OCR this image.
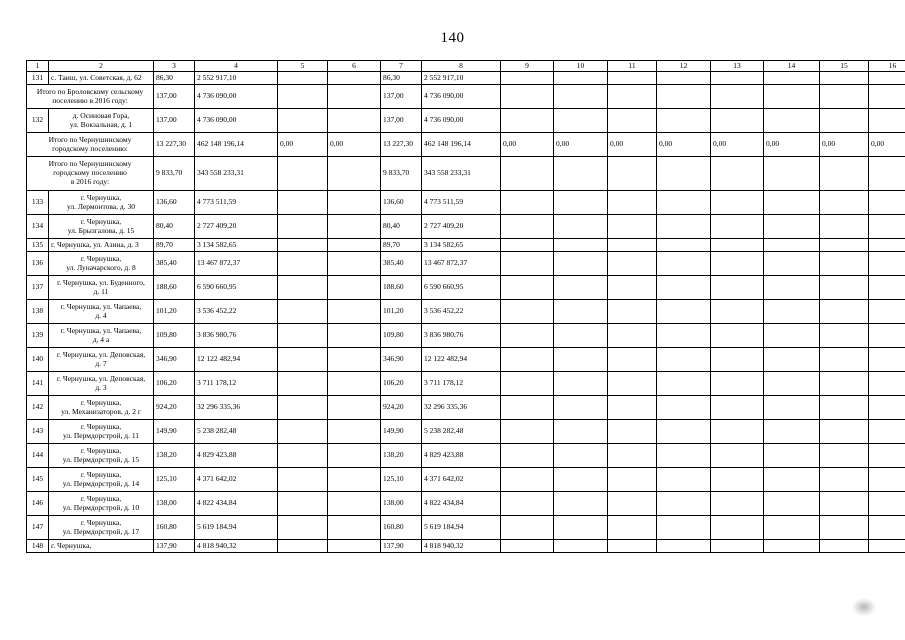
140
1	2	3	4	5	6	7	8	9	10	11	12	13	14	15	16
131	с. Таиш, ул. Советская, д. 62	86,30	2 552 917,10			86,30	2 552 917,10								
Итого по Броловскому сельскому
поселению в 2016 году:		137,00	4 736 090,00			137,00	4 736 090,00								
132	д. Осиновая Гора,
ул. Вокзальная, д. 1	137,00	4 736 090,00			137,00	4 736 090,00								
Итого по Чернушинскому
городскому поселению:		13 227,30	462 148 196,14	0,00	0,00	13 227,30	462 148 196,14	0,00	0,00	0,00	0,00	0,00	0,00	0,00	0,00
Итого по Чернушинскому
городскому поселению
в 2016 году:		9 833,70	343 558 233,31			9 833,70	343 558 233,31								
133	г. Чернушка,
ул. Лермонтова, д. 30	136,60	4 773 511,59			136,60	4 773 511,59								
134	г. Чернушка,
ул. Брызгалова, д. 15	80,40	2 727 409,20			80,40	2 727 409,20								
135	г. Чернушка, ул. Азина, д. 3	89,70	3 134 582,65			89,70	3 134 582,65								
136	г. Чернушка,
ул. Луначарского, д. 8	385,40	13 467 872,37			385,40	13 467 872,37								
137	г. Чернушка, ул. Буденного,
д. 11	188,60	6 590 660,95			188,60	6 590 660,95								
138	г. Чернушка, ул. Чапаева,
д. 4	101,20	3 536 452,22			101,20	3 536 452,22								
139	г. Чернушка, ул. Чапаева,
д. 4 а	109,80	3 836 980,76			109,80	3 836 980,76								
140	г. Чернушка, ул. Деповская,
д. 7	346,90	12 122 482,94			346,90	12 122 482,94								
141	г. Чернушка, ул. Деповская,
д. 3	106,20	3 711 178,12			106,20	3 711 178,12								
142	г. Чернушка,
ул. Механизаторов, д. 2 г	924,20	32 296 335,36			924,20	32 296 335,36								
143	г. Чернушка,
ул. Пермдорстрой, д. 11	149,90	5 238 282,48			149,90	5 238 282,48								
144	г. Чернушка,
ул. Пермдорстрой, д. 15	138,20	4 829 423,88			138,20	4 829 423,88								
145	г. Чернушка,
ул. Пермдорстрой, д. 14	125,10	4 371 642,02			125,10	4 371 642,02								
146	г. Чернушка,
ул. Пермдорстрой, д. 10	138,00	4 822 434,84			138,00	4 822 434,84								
147	г. Чернушка,
ул. Пермдорстрой, д. 17	160,80	5 619 184,94			160,80	5 619 184,94								
148	г. Чернушка,	137,90	4 818 940,32			137,90	4 818 940,32								
